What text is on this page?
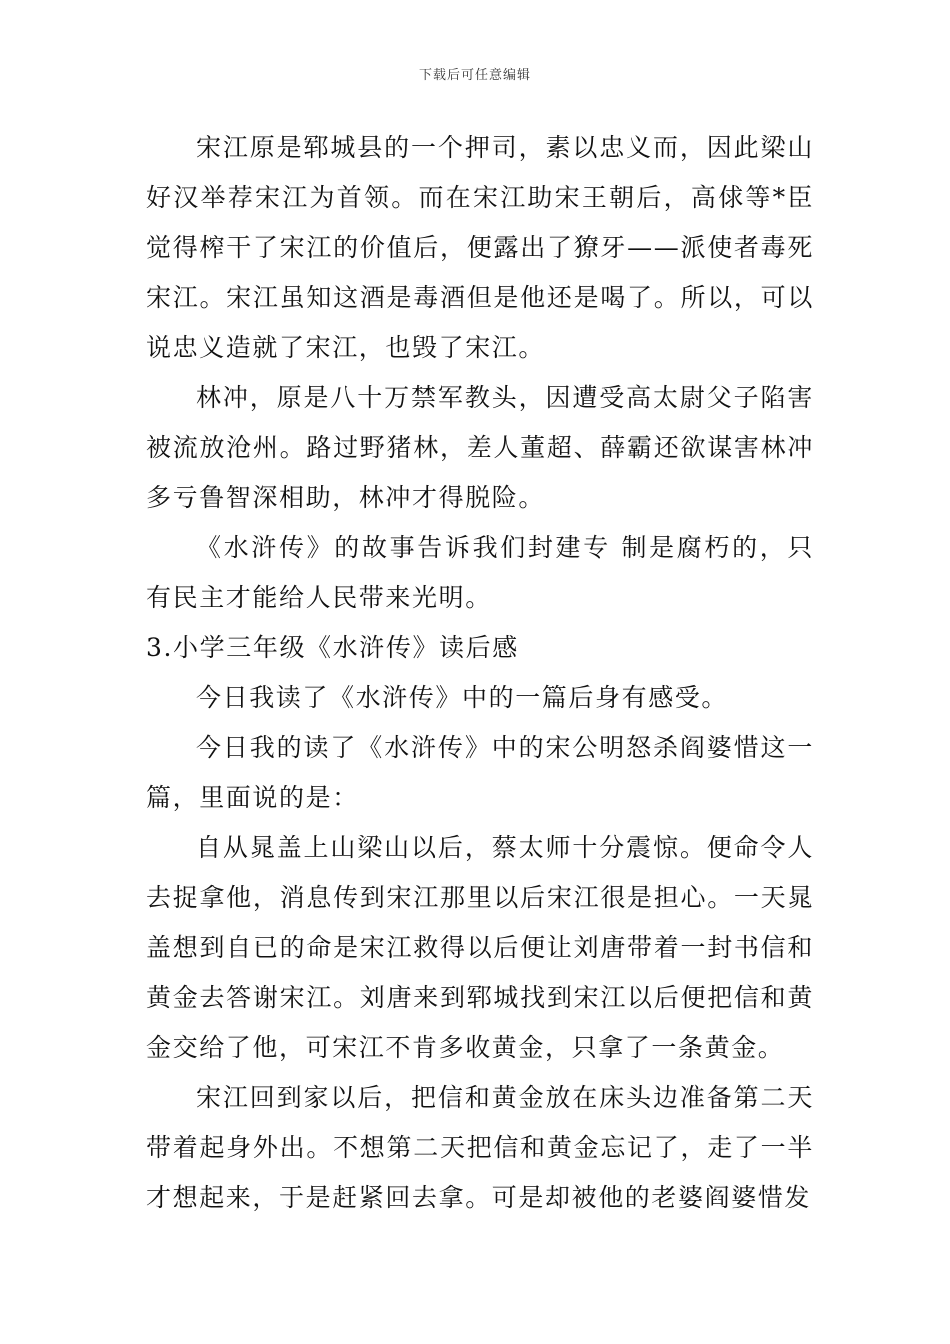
下载后可任意编辑

宋江原是郓城县的一个押司，素以忠义而，因此梁山好汉举荐宋江为首领。而在宋江助宋王朝后，高俅等*臣觉得榨干了宋江的价值后，便露出了獠牙——派使者毒死宋江。宋江虽知这酒是毒酒但是他还是喝了。所以，可以说忠义造就了宋江，也毁了宋江。

林冲，原是八十万禁军教头，因遭受高太尉父子陷害被流放沧州。路过野猪林，差人董超、薛霸还欲谋害林冲多亏鲁智深相助，林冲才得脱险。

《水浒传》的故事告诉我们封建专 制是腐朽的，只有民主才能给人民带来光明。

3.小学三年级《水浒传》读后感

今日我读了《水浒传》中的一篇后身有感受。

今日我的读了《水浒传》中的宋公明怒杀阎婆惜这一篇，里面说的是：

自从晁盖上山梁山以后，蔡太师十分震惊。便命令人去捉拿他，消息传到宋江那里以后宋江很是担心。一天晁盖想到自已的命是宋江救得以后便让刘唐带着一封书信和黄金去答谢宋江。刘唐来到郓城找到宋江以后便把信和黄金交给了他，可宋江不肯多收黄金，只拿了一条黄金。

宋江回到家以后，把信和黄金放在床头边准备第二天带着起身外出。不想第二天把信和黄金忘记了，走了一半才想起来，于是赶紧回去拿。可是却被他的老婆阎婆惜发
